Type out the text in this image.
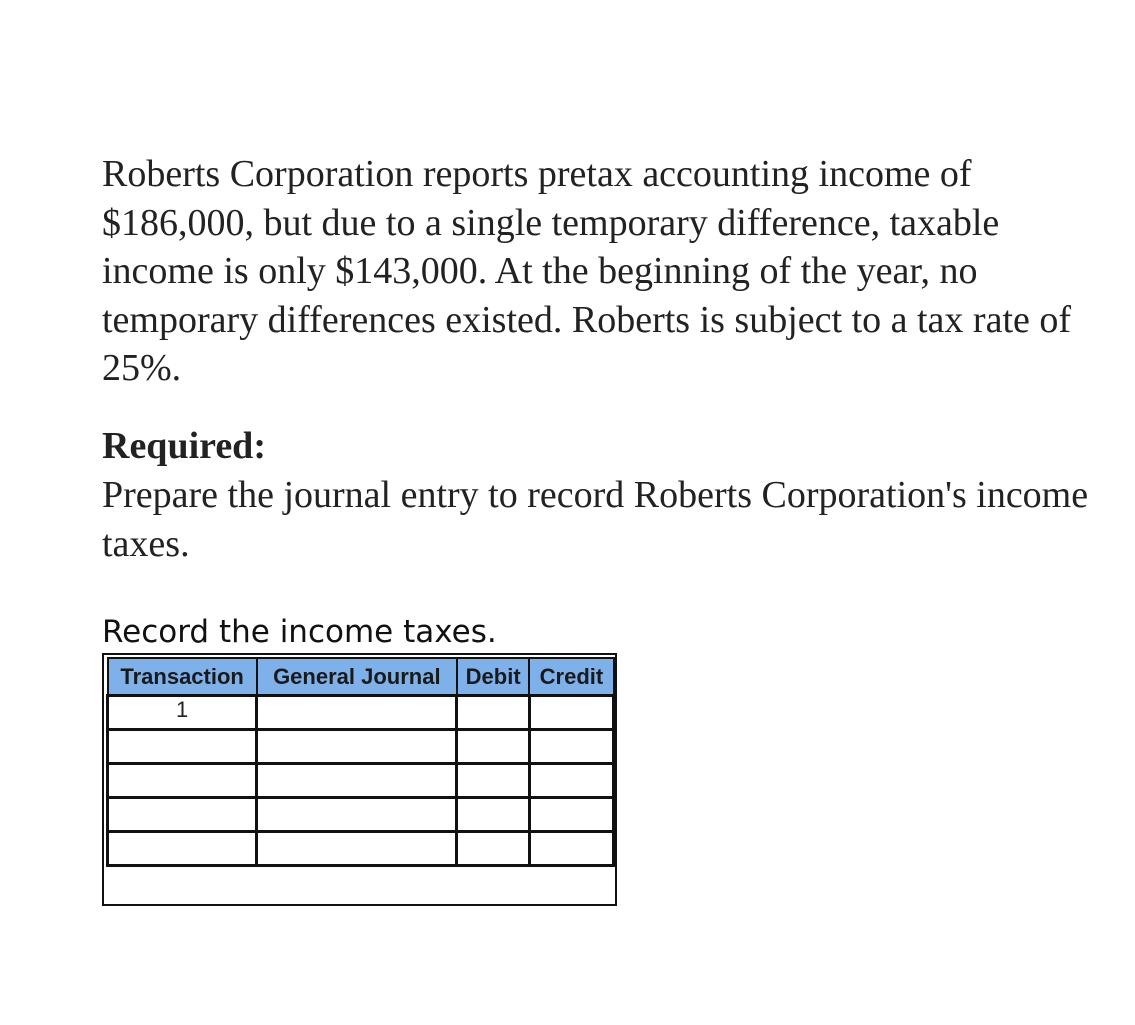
Roberts Corporation reports pretax accounting income of $186,000, but due to a single temporary difference, taxable income is only $143,000. At the beginning of the year, no temporary differences existed. Roberts is subject to a tax rate of 25%.

Required:

Prepare the journal entry to record Roberts Corporation's income taxes.

Record the income taxes.
Transaction	General Journal	Debit	Credit
1			
